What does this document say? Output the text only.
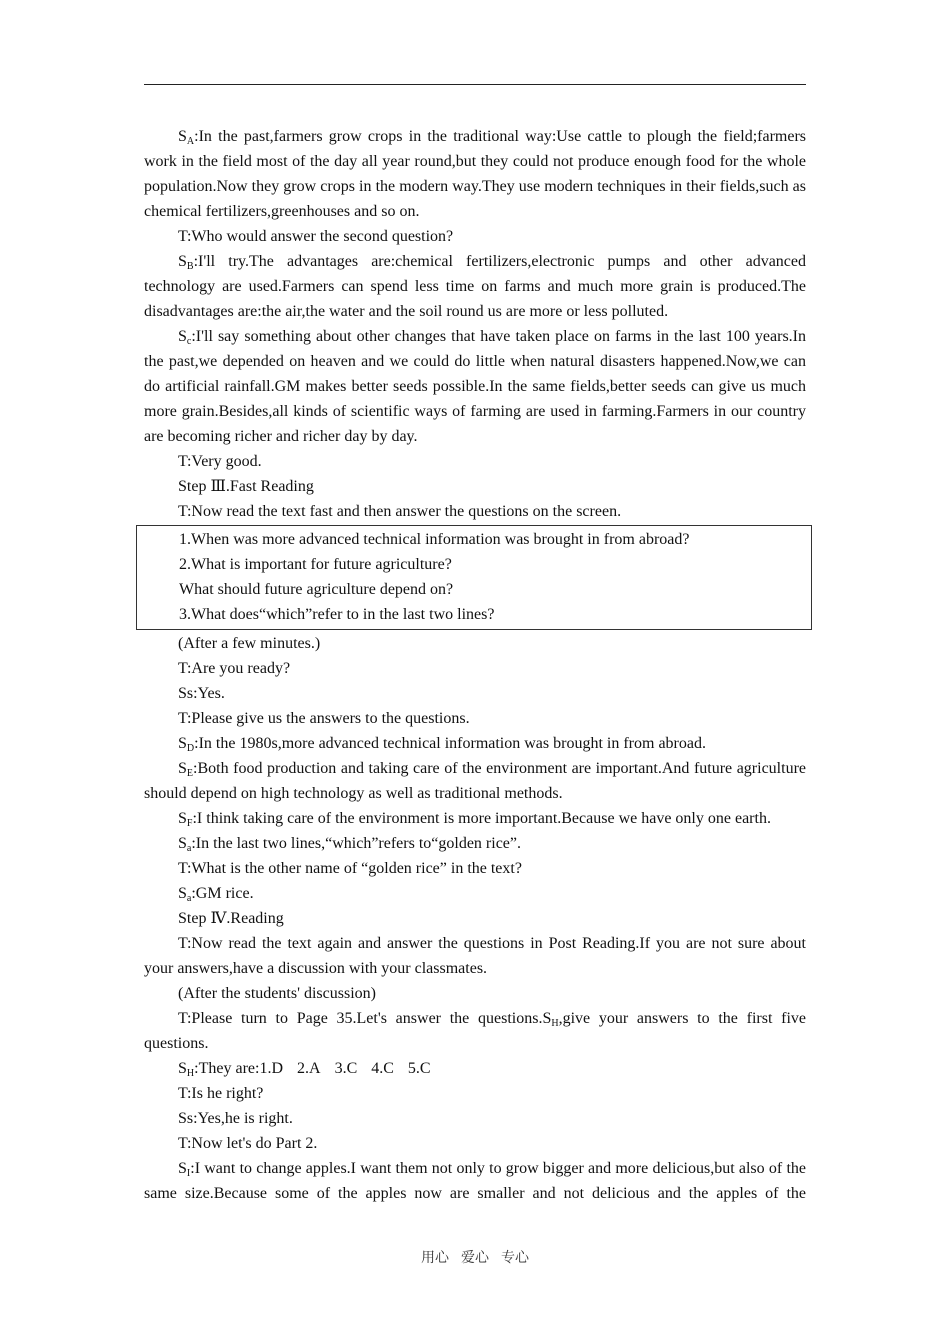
$S_A:In$ the past,farmers grow crops in the traditional way:Use cattle to plough the field;farmers work in the field most of the day all year round,but they could not produce enough food for the whole population.Now they grow crops in the modern way.They use modern techniques in their fields,such as chemical fertilizers,greenhouses and so on.

T:Who would answer the second question?

$S_B:I'll$ try.The advantages are:chemical fertilizers,electronic pumps and other advanced technology are used.Farmers can spend less time on farms and much more grain is produced.The disadvantages are:the air,the water and the soil round us are more or less polluted.

$S_c:I'll$ say something about other changes that have taken place on farms in the last 100 years.In the past,we depended on heaven and we could do little when natural disasters happened.Now,we can do artificial rainfall.GM makes better seeds possible.In the same fields,better seeds can give us much more grain.Besides,all kinds of scientific ways of farming are used in farming.Farmers in our country are becoming richer and richer day by day.

T:Very good.

Step Ⅲ.Fast Reading

T:Now read the text fast and then answer the questions on the screen.

1.When was more advanced technical information was brought in from abroad?

2.What is important for future agriculture?

What should future agriculture depend on?

3.What does“which”refer to in the last two lines?

(After a few minutes.)

T:Are you ready?

Ss:Yes.

T:Please give us the answers to the questions.

$S_D:In$ the 1980s,more advanced technical information was brought in from abroad.

$S_E:Both$ food production and taking care of the environment are important.And future agriculture should depend on high technology as well as traditional methods.

$S_F:I$ think taking care of the environment is more important.Because we have only one earth.

$S_a:In$ the last two lines,“which”refers to“golden rice”.

T:What is the other name of “golden rice” in the text?

$S_a:GM$ rice.

Step Ⅳ.Reading

T:Now read the text again and answer the questions in Post Reading.If you are not sure about your answers,have a discussion with your classmates.

(After the students' discussion)

T:Please turn to Page 35.Let's answer the $questions.S_H,give$ your answers to the first five questions.

$S_H:They$ are:1.D 2.A 3.C 4.C 5.C

T:Is he right?

Ss:Yes,he is right.

T:Now let's do Part 2.

$S_I:I$ want to change apples.I want them not only to grow bigger and more delicious,but also of the same size.Because some of the apples now are smaller and not delicious and the apples of the

用心 爱心 专心
